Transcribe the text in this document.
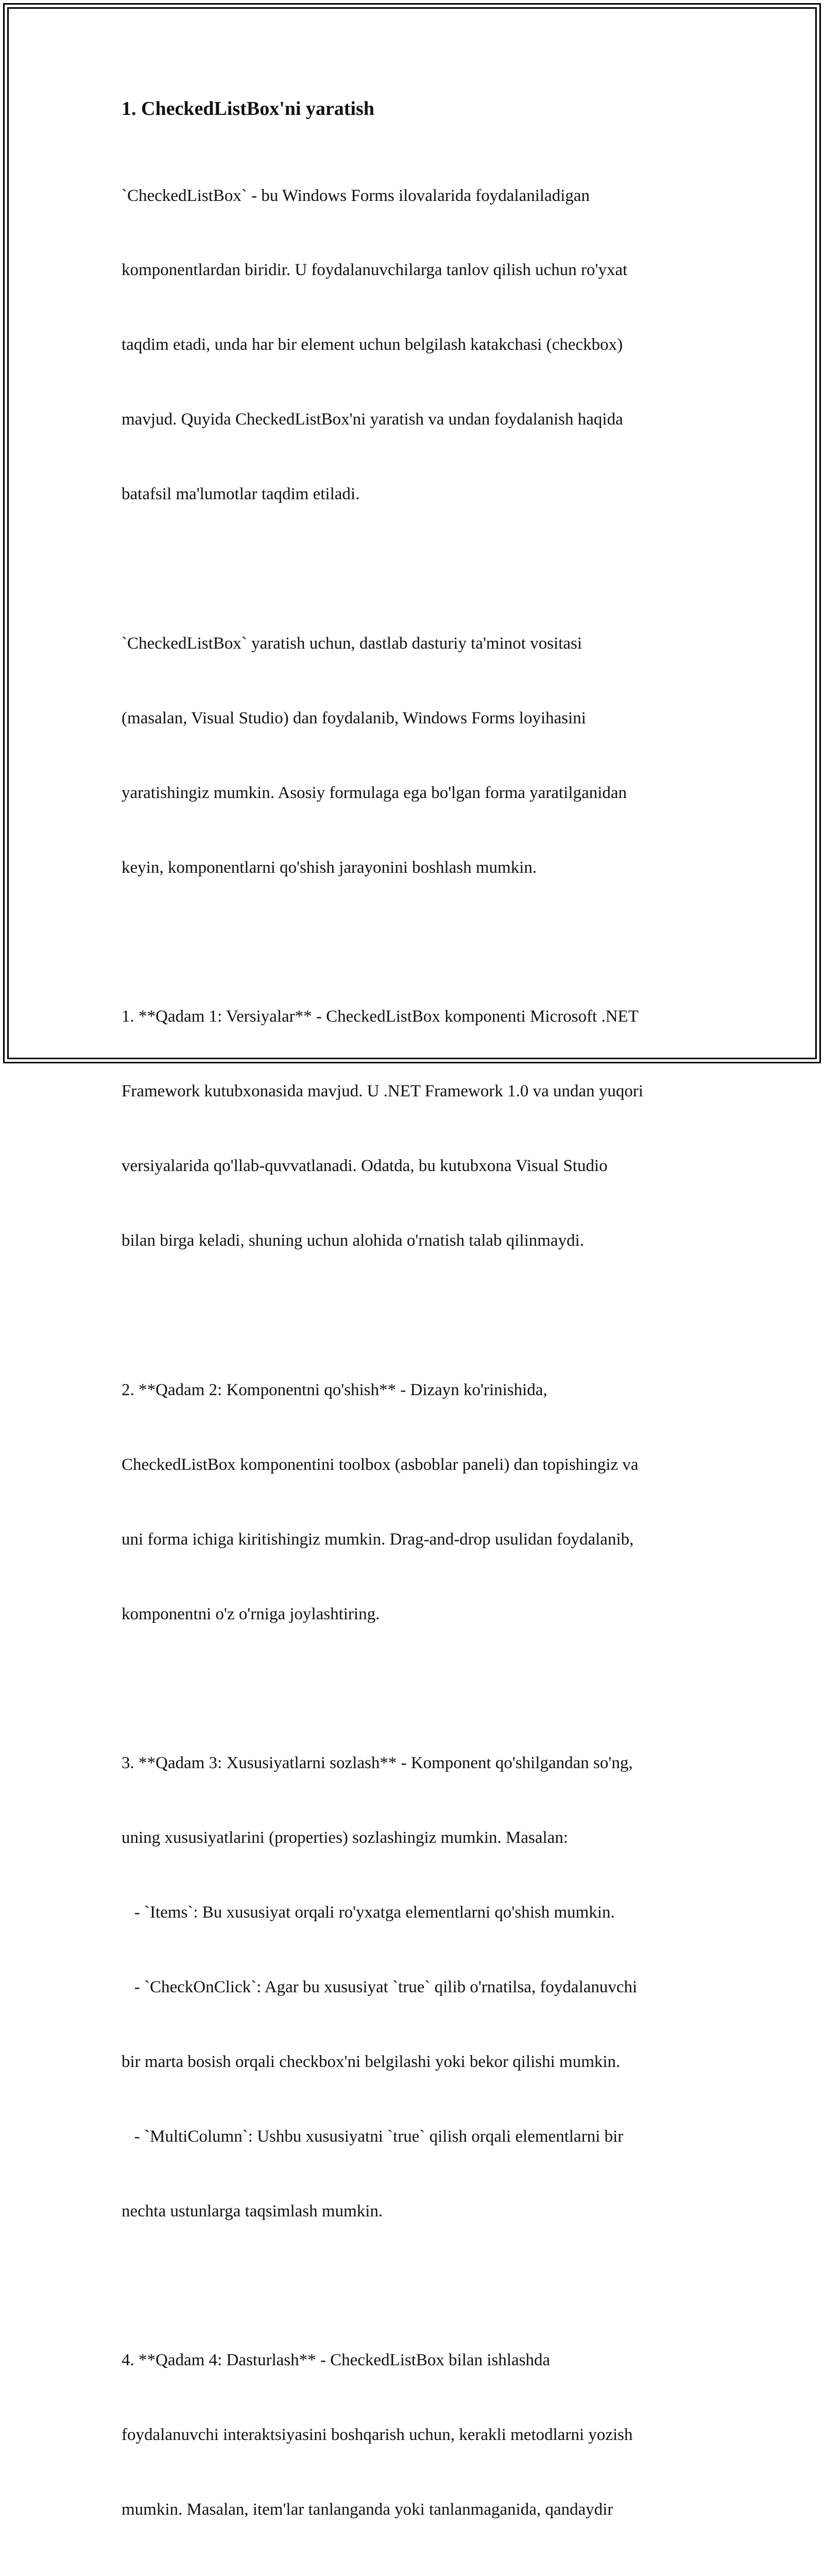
1. CheckedListBox'ni yaratish

`CheckedListBox` - bu Windows Forms ilovalarida foydalaniladigan

komponentlardan biridir. U foydalanuvchilarga tanlov qilish uchun ro'yxat

taqdim etadi, unda har bir element uchun belgilash katakchasi (checkbox)

mavjud. Quyida CheckedListBox'ni yaratish va undan foydalanish haqida

batafsil ma'lumotlar taqdim etiladi.

`CheckedListBox` yaratish uchun, dastlab dasturiy ta'minot vositasi

(masalan, Visual Studio) dan foydalanib, Windows Forms loyihasini

yaratishingiz mumkin. Asosiy formulaga ega bo'lgan forma yaratilganidan

keyin, komponentlarni qo'shish jarayonini boshlash mumkin.

1. **Qadam 1: Versiyalar** - CheckedListBox komponenti Microsoft .NET

Framework kutubxonasida mavjud. U .NET Framework 1.0 va undan yuqori

versiyalarida qo'llab-quvvatlanadi. Odatda, bu kutubxona Visual Studio

bilan birga keladi, shuning uchun alohida o'rnatish talab qilinmaydi.

2. **Qadam 2: Komponentni qo'shish** - Dizayn ko'rinishida,

CheckedListBox komponentini toolbox (asboblar paneli) dan topishingiz va

uni forma ichiga kiritishingiz mumkin. Drag-and-drop usulidan foydalanib,

komponentni o'z o'rniga joylashtiring.

3. **Qadam 3: Xususiyatlarni sozlash** - Komponent qo'shilgandan so'ng,

uning xususiyatlarini (properties) sozlashingiz mumkin. Masalan:

- `Items`: Bu xususiyat orqali ro'yxatga elementlarni qo'shish mumkin.

- `CheckOnClick`: Agar bu xususiyat `true` qilib o'rnatilsa, foydalanuvchi

bir marta bosish orqali checkbox'ni belgilashi yoki bekor qilishi mumkin.

- `MultiColumn`: Ushbu xususiyatni `true` qilish orqali elementlarni bir

nechta ustunlarga taqsimlash mumkin.

4. **Qadam 4: Dasturlash** - CheckedListBox bilan ishlashda

foydalanuvchi interaktsiyasini boshqarish uchun, kerakli metodlarni yozish

mumkin. Masalan, item'lar tanlanganda yoki tanlanmaganida, qandaydir
